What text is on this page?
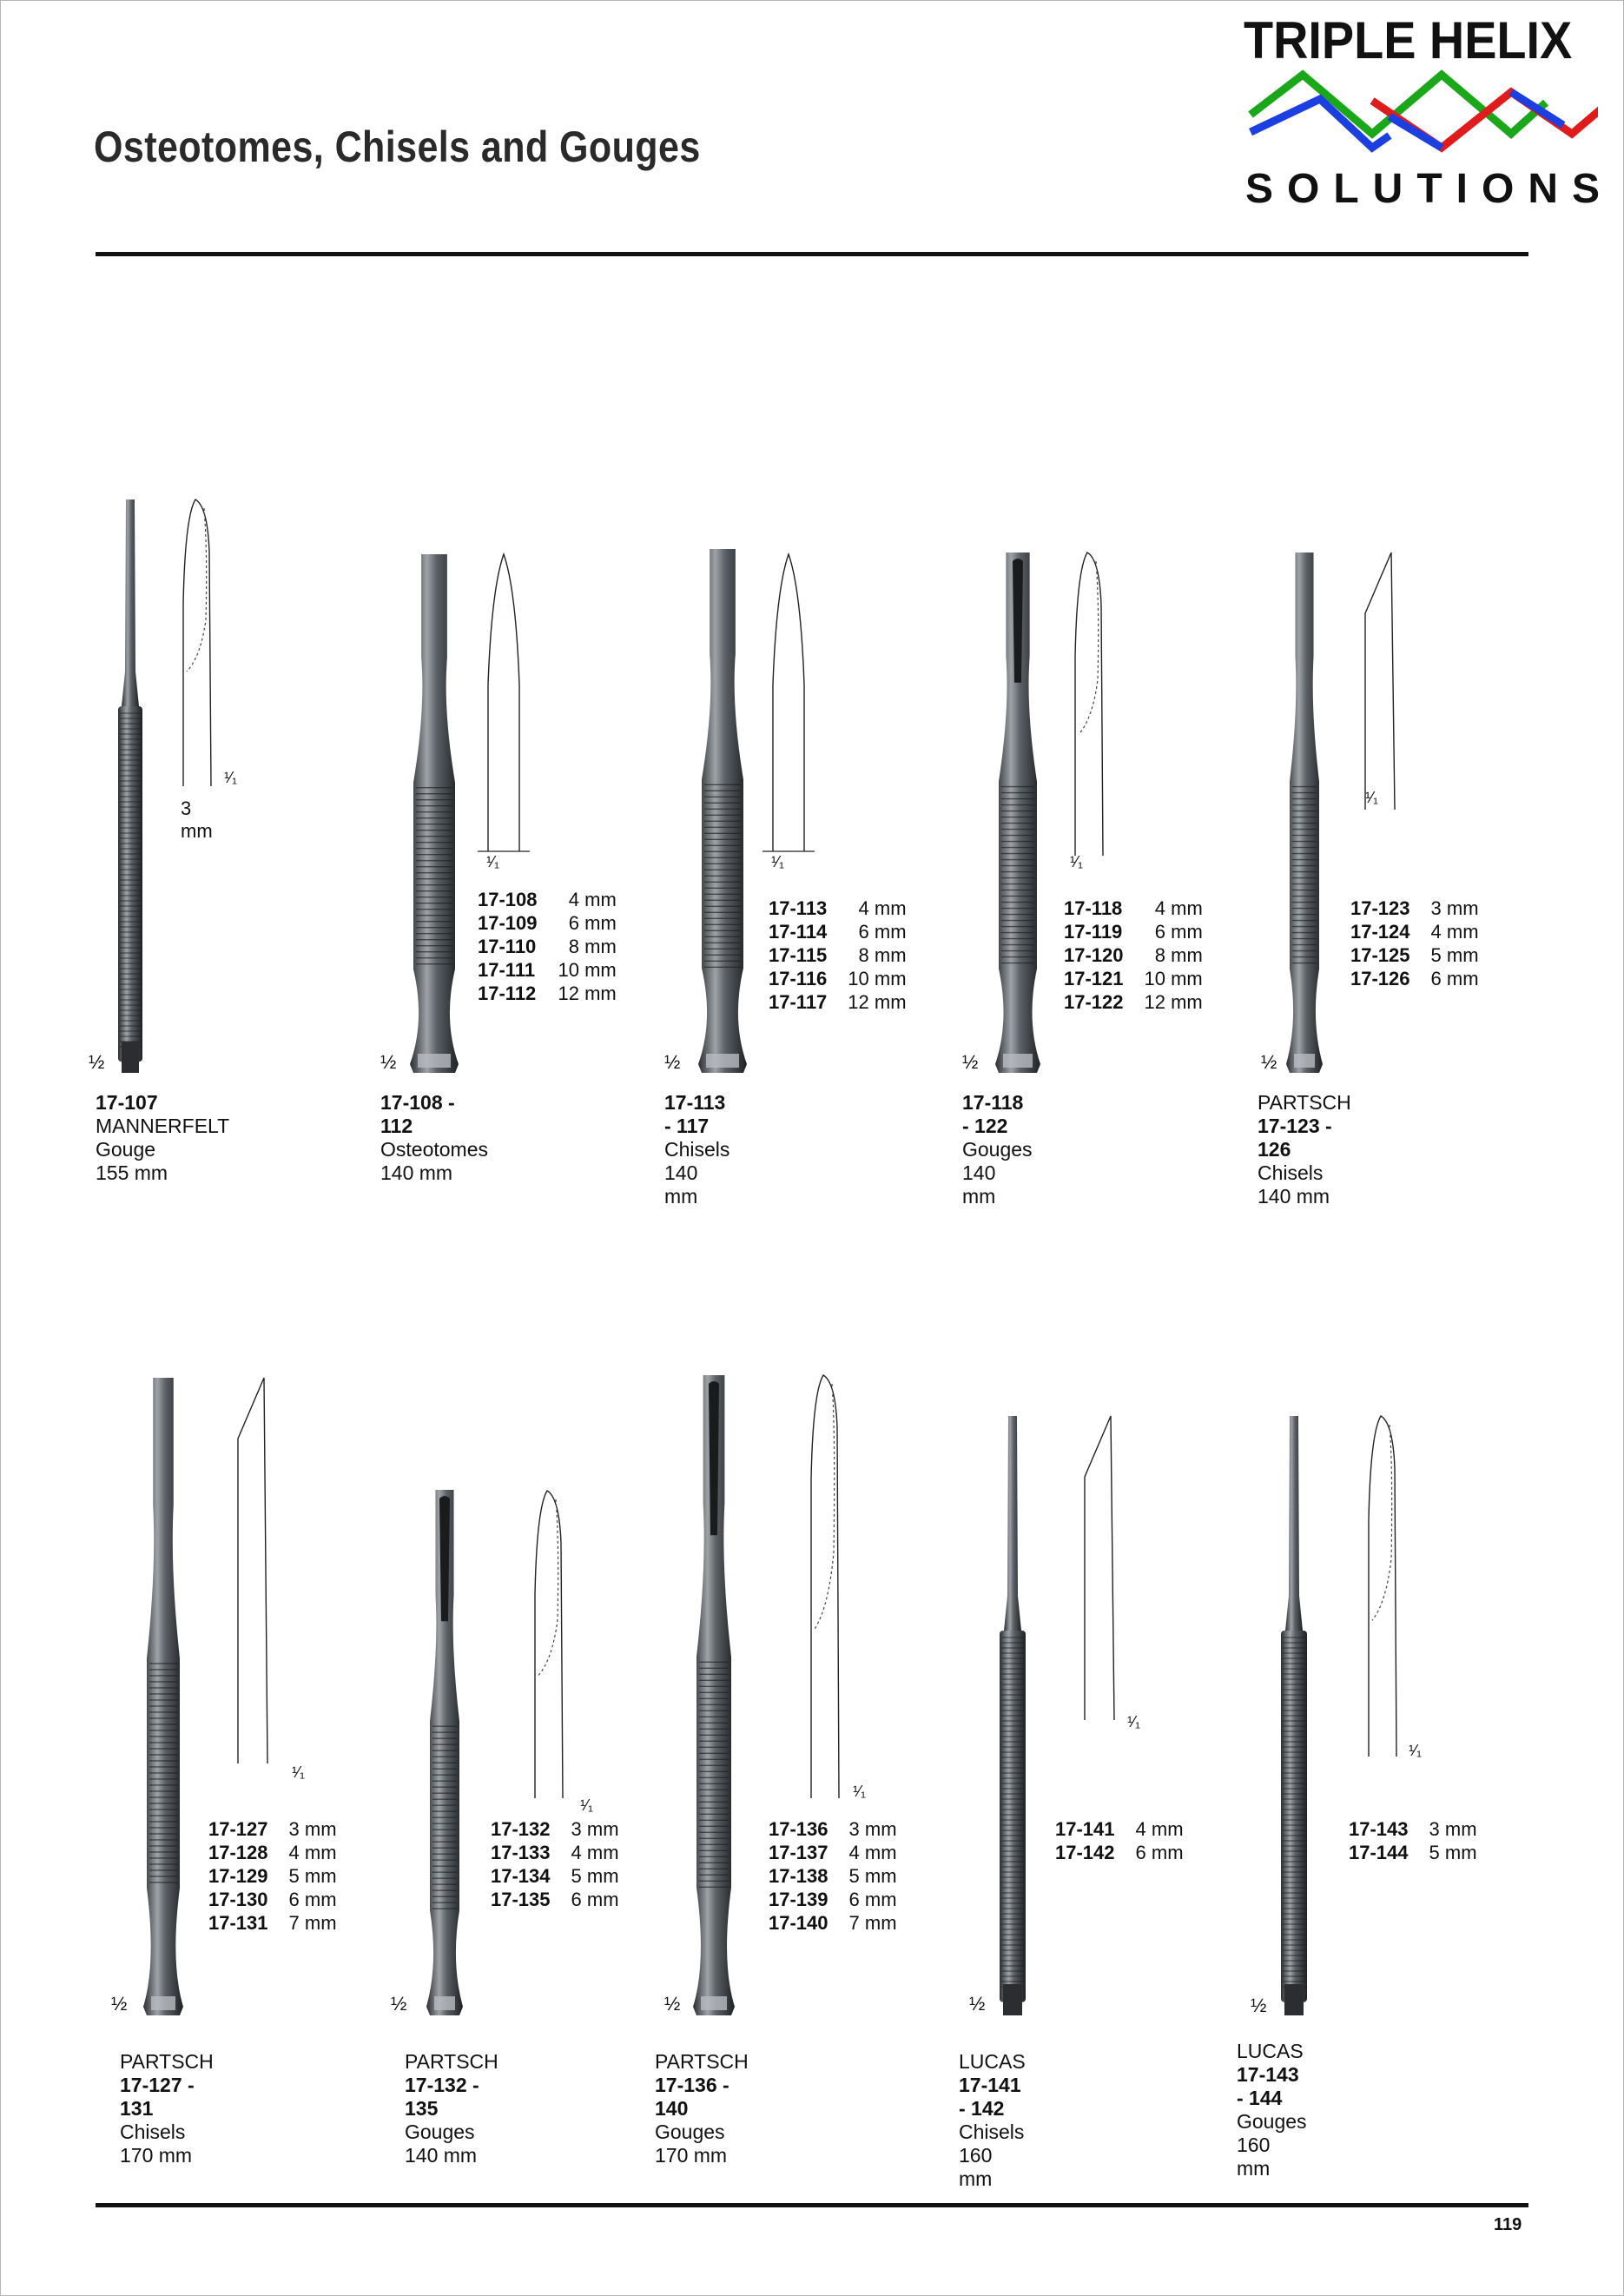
Osteotomes, Chisels and Gouges
TRIPLE HELIX
SOLUTIONS
½
¹⁄₁
3 mm
17-107
MANNERFELT
Gouge
155 mm
½
¹⁄₁
17-108	4 mm
17-109	6 mm
17-110	8 mm
17-111	10 mm
17-112	12 mm
17-108 - 112
Osteotomes
140 mm
½
¹⁄₁
17-113	4 mm
17-114	6 mm
17-115	8 mm
17-116	10 mm
17-117	12 mm
17-113 - 117
Chisels
140 mm
½
¹⁄₁
17-118	4 mm
17-119	6 mm
17-120	8 mm
17-121	10 mm
17-122	12 mm
17-118 - 122
Gouges
140 mm
½
¹⁄₁
17-123	3 mm
17-124	4 mm
17-125	5 mm
17-126	6 mm
PARTSCH
17-123 - 126
Chisels
140 mm
½
¹⁄₁
17-127	3 mm
17-128	4 mm
17-129	5 mm
17-130	6 mm
17-131	7 mm
PARTSCH
17-127 - 131
Chisels
170 mm
½
¹⁄₁
17-132	3 mm
17-133	4 mm
17-134	5 mm
17-135	6 mm
PARTSCH
17-132 - 135
Gouges
140 mm
½
¹⁄₁
17-136	3 mm
17-137	4 mm
17-138	5 mm
17-139	6 mm
17-140	7 mm
PARTSCH
17-136 - 140
Gouges
170 mm
½
¹⁄₁
17-141	4 mm
17-142	6 mm
LUCAS
17-141 - 142
Chisels
160 mm
½
¹⁄₁
17-143	3 mm
17-144	5 mm
LUCAS
17-143 - 144
Gouges
160 mm
119
